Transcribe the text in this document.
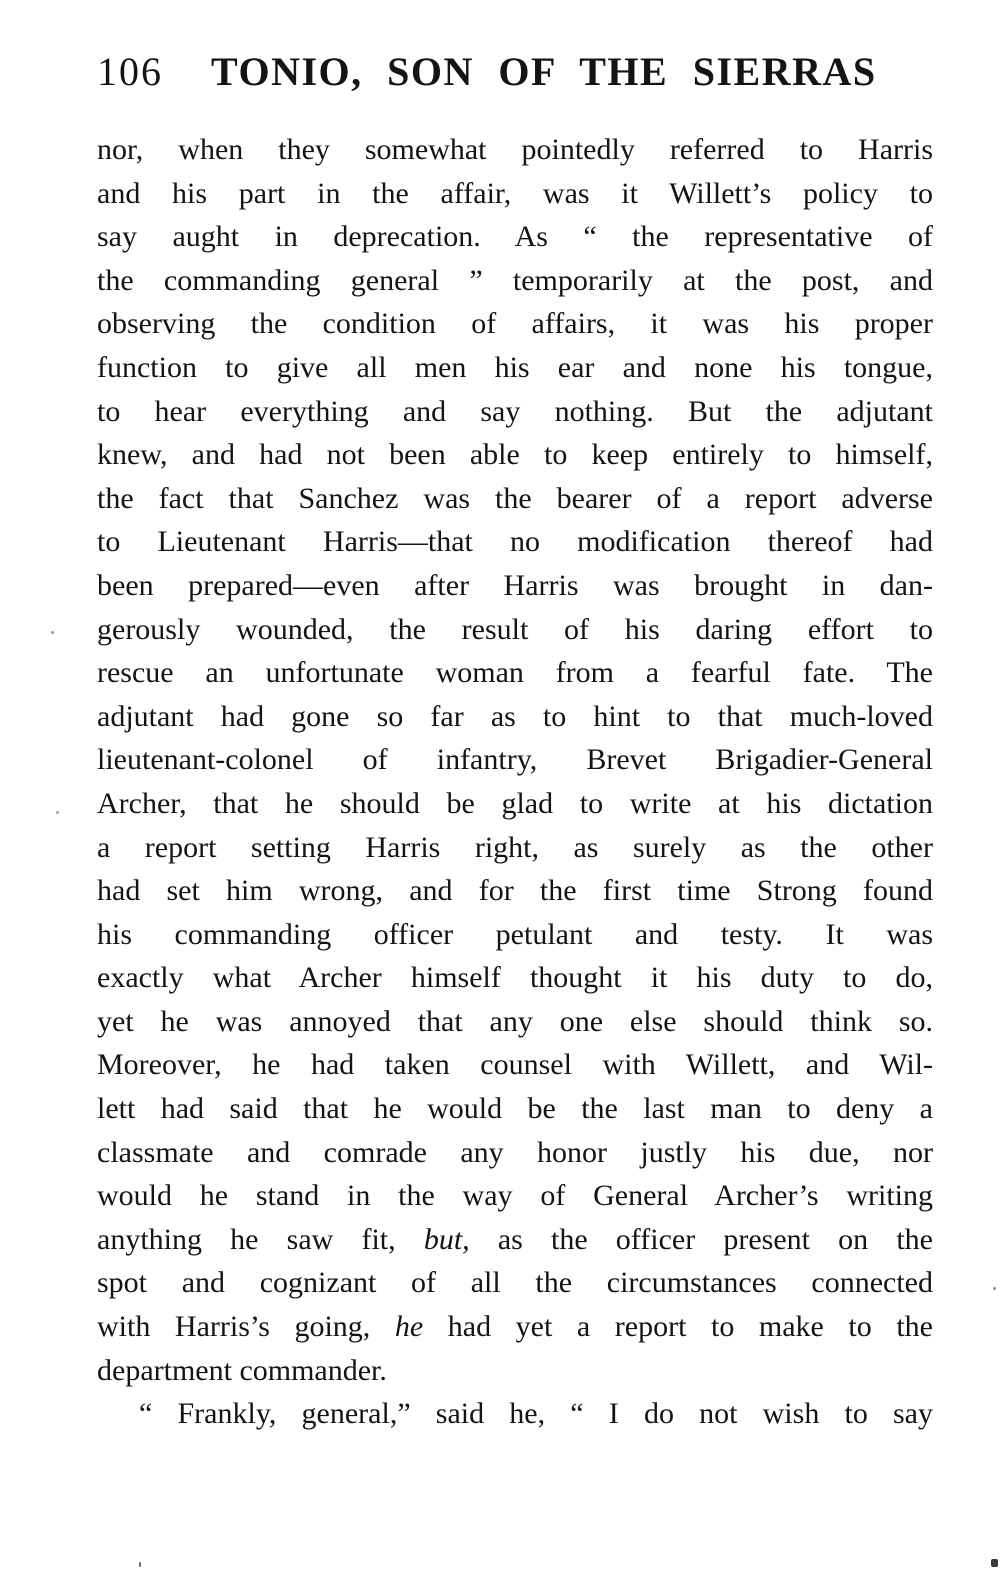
106 TONIO, SON OF THE SIERRAS
nor, when they somewhat pointedly referred to Harris
and his part in the affair, was it Willett’s policy to
say aught in deprecation. As “ the representative of
the commanding general ” temporarily at the post, and
observing the condition of affairs, it was his proper
function to give all men his ear and none his tongue,
to hear everything and say nothing. But the adjutant
knew, and had not been able to keep entirely to himself,
the fact that Sanchez was the bearer of a report adverse
to Lieutenant Harris—that no modification thereof had
been prepared—even after Harris was brought in dan-
gerously wounded, the result of his daring effort to
rescue an unfortunate woman from a fearful fate. The
adjutant had gone so far as to hint to that much-loved
lieutenant-colonel of infantry, Brevet Brigadier-General
Archer, that he should be glad to write at his dictation
a report setting Harris right, as surely as the other
had set him wrong, and for the first time Strong found
his commanding officer petulant and testy. It was
exactly what Archer himself thought it his duty to do,
yet he was annoyed that any one else should think so.
Moreover, he had taken counsel with Willett, and Wil-
lett had said that he would be the last man to deny a
classmate and comrade any honor justly his due, nor
would he stand in the way of General Archer’s writing
anything he saw fit, but, as the officer present on the
spot and cognizant of all the circumstances connected
with Harris’s going, he had yet a report to make to the
department commander.
“ Frankly, general,” said he, “ I do not wish to say
